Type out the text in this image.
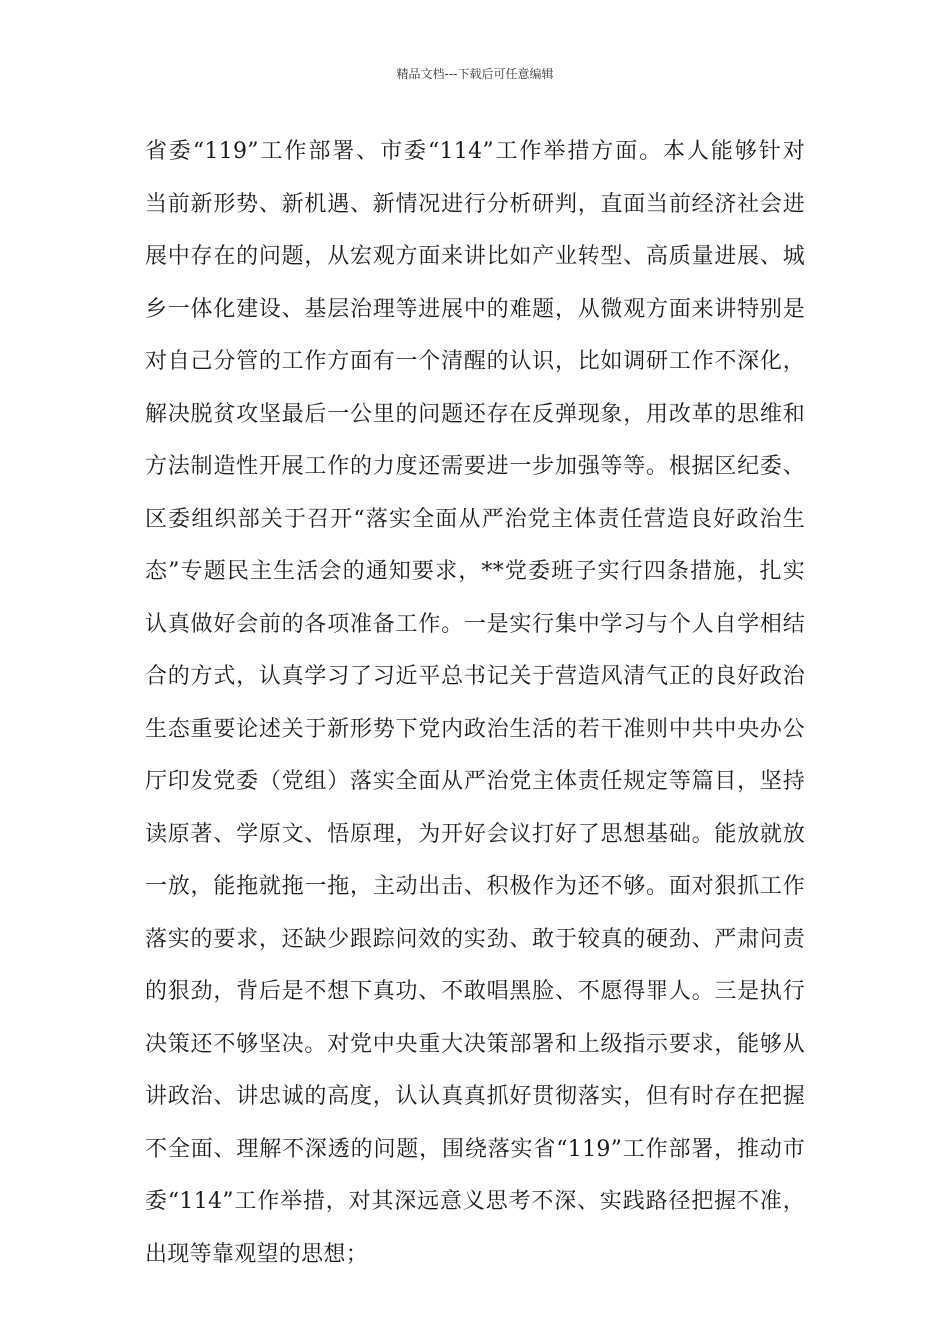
精品文档---下载后可任意编辑
省委“119”工作部署、市委“114”工作举措方面。本人能够针对
当前新形势、新机遇、新情况进行分析研判，直面当前经济社会进
展中存在的问题，从宏观方面来讲比如产业转型、高质量进展、城
乡一体化建设、基层治理等进展中的难题，从微观方面来讲特别是
对自己分管的工作方面有一个清醒的认识，比如调研工作不深化，
解决脱贫攻坚最后一公里的问题还存在反弹现象，用改革的思维和
方法制造性开展工作的力度还需要进一步加强等等。根据区纪委、
区委组织部关于召开“落实全面从严治党主体责任营造良好政治生
态”专题民主生活会的通知要求，**党委班子实行四条措施，扎实
认真做好会前的各项准备工作。一是实行集中学习与个人自学相结
合的方式，认真学习了习近平总书记关于营造风清气正的良好政治
生态重要论述关于新形势下党内政治生活的若干准则中共中央办公
厅印发党委（党组）落实全面从严治党主体责任规定等篇目，坚持
读原著、学原文、悟原理，为开好会议打好了思想基础。能放就放
一放，能拖就拖一拖，主动出击、积极作为还不够。面对狠抓工作
落实的要求，还缺少跟踪问效的实劲、敢于较真的硬劲、严肃问责
的狠劲，背后是不想下真功、不敢唱黑脸、不愿得罪人。三是执行
决策还不够坚决。对党中央重大决策部署和上级指示要求，能够从
讲政治、讲忠诚的高度，认认真真抓好贯彻落实，但有时存在把握
不全面、理解不深透的问题，围绕落实省“119”工作部署，推动市
委“114”工作举措，对其深远意义思考不深、实践路径把握不准，
出现等靠观望的思想；
